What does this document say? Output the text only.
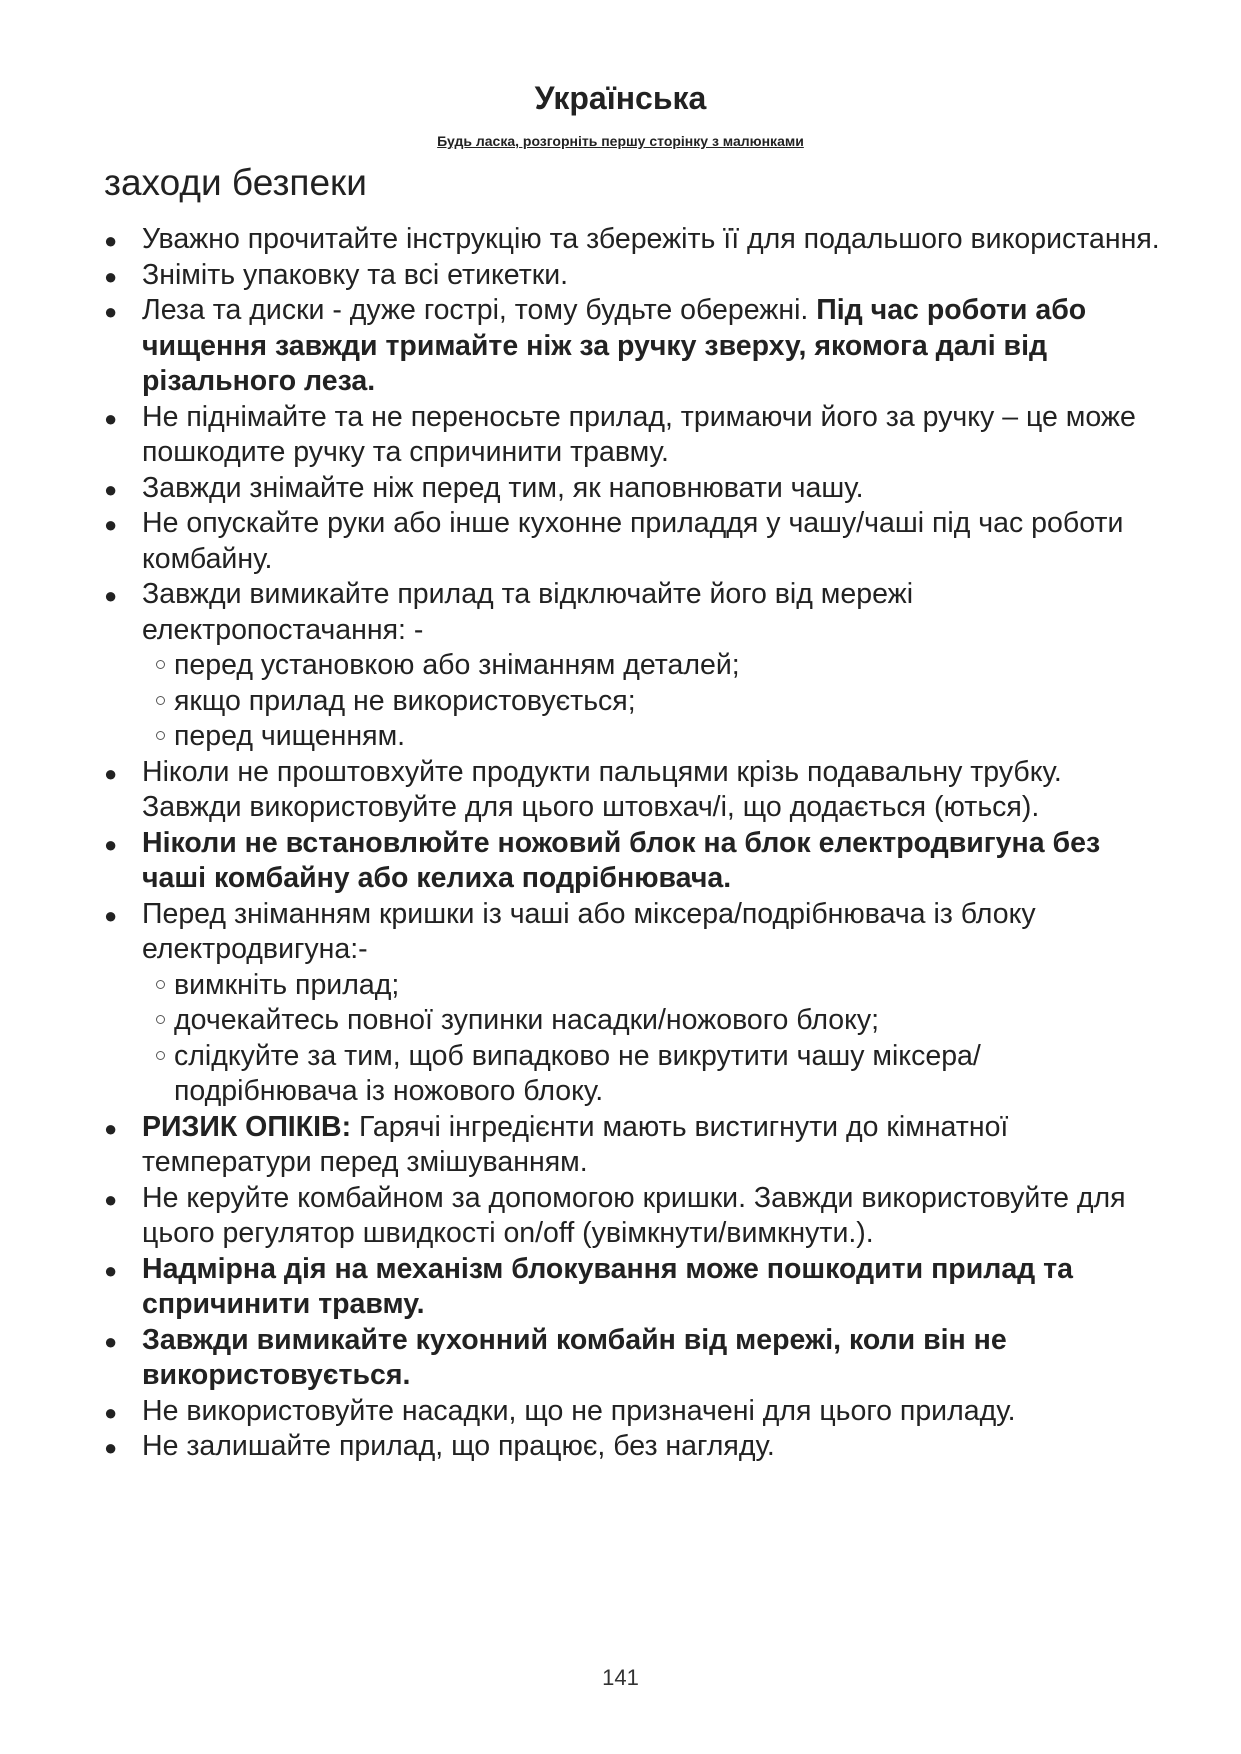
Українська
Будь ласка, розгорніть першу сторінку з малюнками
заходи безпеки
●
Уважно прочитайте інструкцію та збережіть її для подальшого використання.
●
Зніміть упаковку та всі етикетки.
●
Леза та диски - дуже гострі, тому будьте обережні. Під час роботи або чищення завжди тримайте ніж за ручку зверху, якомога далі від різального леза.
●
Не піднімайте та не переносьте прилад, тримаючи його за ручку – це може пошкодите ручку та спричинити травму.
●
Завжди знімайте ніж перед тим, як наповнювати чашу.
●
Не опускайте руки або інше кухонне приладдя у чашу/чаші під час роботи комбайну.
●
Завжди вимикайте прилад та відключайте його від мережі електропостачання: -
перед установкою або зніманням деталей;
якщо прилад не використовується;
перед чищенням.
●
Ніколи не проштовхуйте продукти пальцями крізь подавальну трубку. Завжди використовуйте для цього штовхач/і, що додається (ються).
●
Ніколи не встановлюйте ножовий блок на блок електродвигуна без чаші комбайну або келиха подрібнювача.
●
Перед зніманням кришки із чаші або міксера/подрібнювача із блоку електродвигуна:-
вимкніть прилад;
дочекайтесь повної зупинки насадки/ножового блоку;
слідкуйте за тим, щоб випадково не викрутити чашу міксера/ подрібнювача із ножового блоку.
●
РИЗИК ОПІКІВ: Гарячі інгредієнти мають вистигнути до кімнатної температури перед змішуванням.
●
Не керуйте комбайном за допомогою кришки. Завжди використовуйте для цього регулятор швидкості on/off (увімкнути/вимкнути.).
●
Надмірна дія на механізм блокування може пошкодити прилад та спричинити травму.
●
Завжди вимикайте кухонний комбайн від мережі, коли він не використовується.
●
Не використовуйте насадки, що не призначені для цього приладу.
●
Не залишайте прилад, що працює, без нагляду.
141
